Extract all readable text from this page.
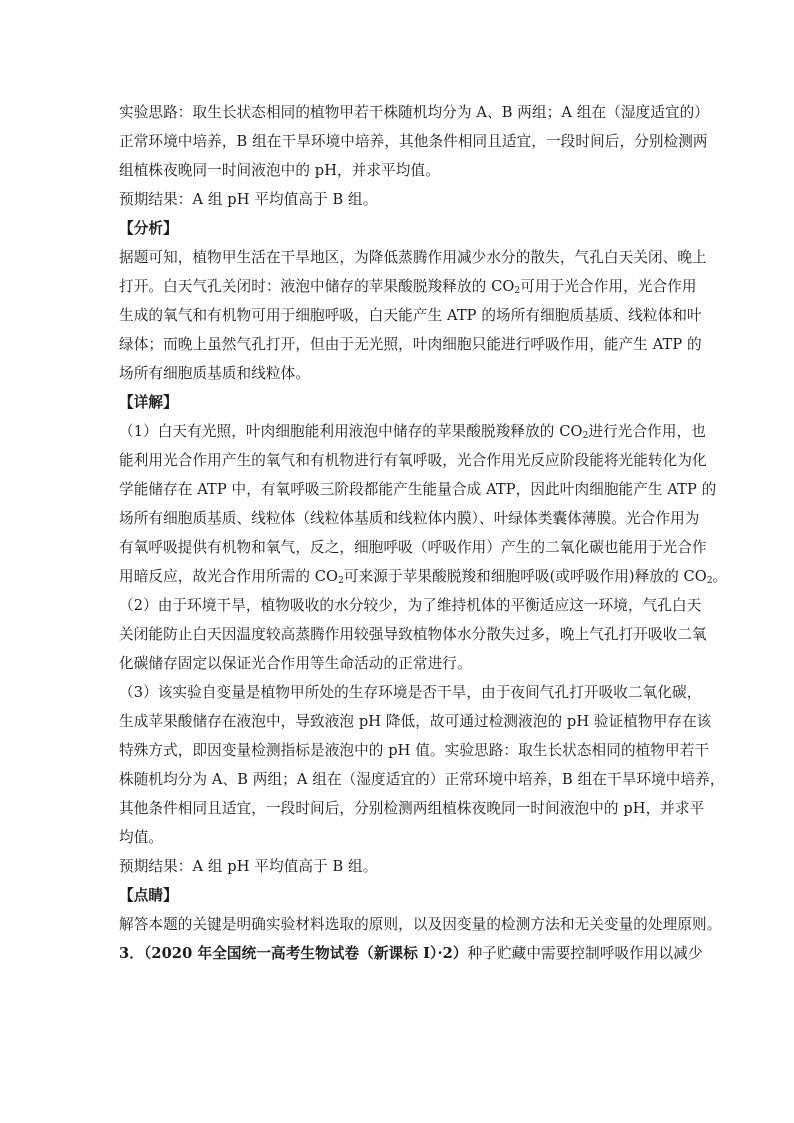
实验思路：取生长状态相同的植物甲若干株随机均分为 A、B 两组；A 组在（湿度适宜的）
正常环境中培养，B 组在干旱环境中培养，其他条件相同且适宜，一段时间后，分别检测两
组植株夜晚同一时间液泡中的 pH，并求平均值。
预期结果：A 组 pH 平均值高于 B 组。
【分析】
据题可知，植物甲生活在干旱地区，为降低蒸腾作用减少水分的散失，气孔白天关闭、晚上
打开。白天气孔关闭时：液泡中储存的苹果酸脱羧释放的 $CO_2$可用于光合作用，光合作用
生成的氧气和有机物可用于细胞呼吸，白天能产生 ATP 的场所有细胞质基质、线粒体和叶
绿体；而晚上虽然气孔打开，但由于无光照，叶肉细胞只能进行呼吸作用，能产生 ATP 的
场所有细胞质基质和线粒体。
【详解】
（1）白天有光照，叶肉细胞能利用液泡中储存的苹果酸脱羧释放的 $CO_2$进行光合作用，也
能利用光合作用产生的氧气和有机物进行有氧呼吸，光合作用光反应阶段能将光能转化为化
学能储存在 ATP 中，有氧呼吸三阶段都能产生能量合成 ATP，因此叶肉细胞能产生 ATP 的
场所有细胞质基质、线粒体（线粒体基质和线粒体内膜）、叶绿体类囊体薄膜。光合作用为
有氧呼吸提供有机物和氧气，反之，细胞呼吸（呼吸作用）产生的二氧化碳也能用于光合作
用暗反应，故光合作用所需的 $CO_2$可来源于苹果酸脱羧和细胞呼吸(或呼吸作用)释放的 $CO_2$。
（2）由于环境干旱，植物吸收的水分较少，为了维持机体的平衡适应这一环境，气孔白天
关闭能防止白天因温度较高蒸腾作用较强导致植物体水分散失过多，晚上气孔打开吸收二氧
化碳储存固定以保证光合作用等生命活动的正常进行。
（3）该实验自变量是植物甲所处的生存环境是否干旱，由于夜间气孔打开吸收二氧化碳，
生成苹果酸储存在液泡中，导致液泡 pH 降低，故可通过检测液泡的 pH 验证植物甲存在该
特殊方式，即因变量检测指标是液泡中的 pH 值。实验思路：取生长状态相同的植物甲若干
株随机均分为 A、B 两组；A 组在（湿度适宜的）正常环境中培养，B 组在干旱环境中培养，
其他条件相同且适宜，一段时间后，分别检测两组植株夜晚同一时间液泡中的 pH，并求平
均值。
预期结果：A 组 pH 平均值高于 B 组。
【点睛】
解答本题的关键是明确实验材料选取的原则，以及因变量的检测方法和无关变量的处理原则。
3．（2020 年全国统一高考生物试卷（新课标 Ⅰ）·2）种子贮藏中需要控制呼吸作用以减少
